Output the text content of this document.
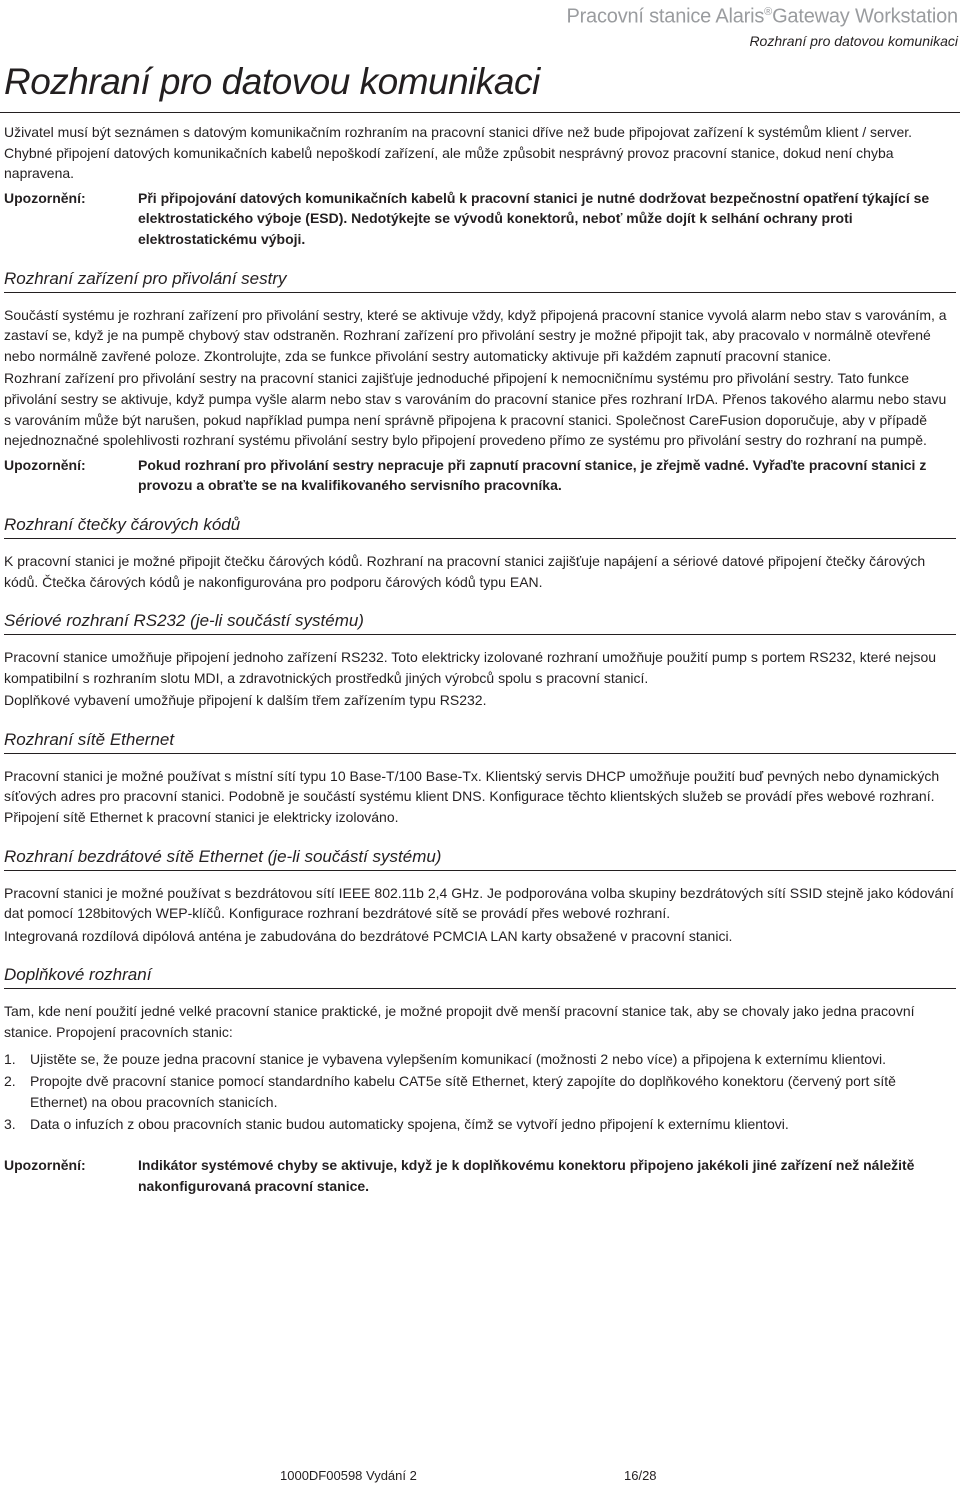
Pracovní stanice Alaris®Gateway Workstation
Rozhraní pro datovou komunikaci
Rozhraní pro datovou komunikaci

Uživatel musí být seznámen s datovým komunikačním rozhraním na pracovní stanici dříve než bude připojovat zařízení k systémům klient / server. Chybné připojení datových komunikačních kabelů nepoškodí zařízení, ale může způsobit nesprávný provoz pracovní stanice, dokud není chyba napravena.

Upozornění:	Při připojování datových komunikačních kabelů k pracovní stanici je nutné dodržovat bezpečnostní opatření týkající se elektrostatického výboje (ESD). Nedotýkejte se vývodů konektorů, neboť může dojít k selhání ochrany proti elektrostatickému výboji.
Rozhraní zařízení pro přivolání sestry

Součástí systému je rozhraní zařízení pro přivolání sestry, které se aktivuje vždy, když připojená pracovní stanice vyvolá alarm nebo stav s varováním, a zastaví se, když je na pumpě chybový stav odstraněn. Rozhraní zařízení pro přivolání sestry je možné připojit tak, aby pracovalo v normálně otevřené nebo normálně zavřené poloze. Zkontrolujte, zda se funkce přivolání sestry automaticky aktivuje při každém zapnutí pracovní stanice.

Rozhraní zařízení pro přivolání sestry na pracovní stanici zajišťuje jednoduché připojení k nemocničnímu systému pro přivolání sestry. Tato funkce přivolání sestry se aktivuje, když pumpa vyšle alarm nebo stav s varováním do pracovní stanice přes rozhraní IrDA. Přenos takového alarmu nebo stavu s varováním může být narušen, pokud například pumpa není správně připojena k pracovní stanici. Společnost CareFusion doporučuje, aby v případě nejednoznačné spolehlivosti rozhraní systému přivolání sestry bylo připojení provedeno přímo ze systému pro přivolání sestry do rozhraní na pumpě.

Upozornění:	Pokud rozhraní pro přivolání sestry nepracuje při zapnutí pracovní stanice, je zřejmě vadné. Vyřaďte pracovní stanici z provozu a obraťte se na kvalifikovaného servisního pracovníka.
Rozhraní čtečky čárových kódů

K pracovní stanici je možné připojit čtečku čárových kódů. Rozhraní na pracovní stanici zajišťuje napájení a sériové datové připojení čtečky čárových kódů. Čtečka čárových kódů je nakonfigurována pro podporu čárových kódů typu EAN.

Sériové rozhraní RS232 (je-li součástí systému)

Pracovní stanice umožňuje připojení jednoho zařízení RS232. Toto elektricky izolované rozhraní umožňuje použití pump s portem RS232, které nejsou kompatibilní s rozhraním slotu MDI, a zdravotnických prostředků jiných výrobců spolu s pracovní stanicí.

Doplňkové vybavení umožňuje připojení k dalším třem zařízením typu RS232.

Rozhraní sítě Ethernet

Pracovní stanici je možné používat s místní sítí typu 10 Base-T/100 Base-Tx. Klientský servis DHCP umožňuje použití buď pevných nebo dynamických síťových adres pro pracovní stanici. Podobně je součástí systému klient DNS. Konfigurace těchto klientských služeb se provádí přes webové rozhraní. Připojení sítě Ethernet k pracovní stanici je elektricky izolováno.

Rozhraní bezdrátové sítě Ethernet (je-li součástí systému)

Pracovní stanici je možné používat s bezdrátovou sítí IEEE 802.11b 2,4 GHz. Je podporována volba skupiny bezdrátových sítí SSID stejně jako kódování dat pomocí 128bitových WEP-klíčů. Konfigurace rozhraní bezdrátové sítě se provádí přes webové rozhraní.

Integrovaná rozdílová dipólová anténa je zabudována do bezdrátové PCMCIA LAN karty obsažené v pracovní stanici.

Doplňkové rozhraní

Tam, kde není použití jedné velké pracovní stanice praktické, je možné propojit dvě menší pracovní stanice tak, aby se chovaly jako jedna pracovní stanice. Propojení pracovních stanic:

1.	Ujistěte se, že pouze jedna pracovní stanice je vybavena vylepšením komunikací (možnosti 2 nebo více) a připojena k externímu klientovi.
2.	Propojte dvě pracovní stanice pomocí standardního kabelu CAT5e sítě Ethernet, který zapojíte do doplňkového konektoru (červený port sítě Ethernet) na obou pracovních stanicích.
3.	Data o infuzích z obou pracovních stanic budou automaticky spojena, čímž se vytvoří jedno připojení k externímu klientovi.
Upozornění:	Indikátor systémové chyby se aktivuje, když je k doplňkovému konektoru připojeno jakékoli jiné zařízení než náležitě nakonfigurovaná pracovní stanice.
1000DF00598 Vydání 2	16/28
